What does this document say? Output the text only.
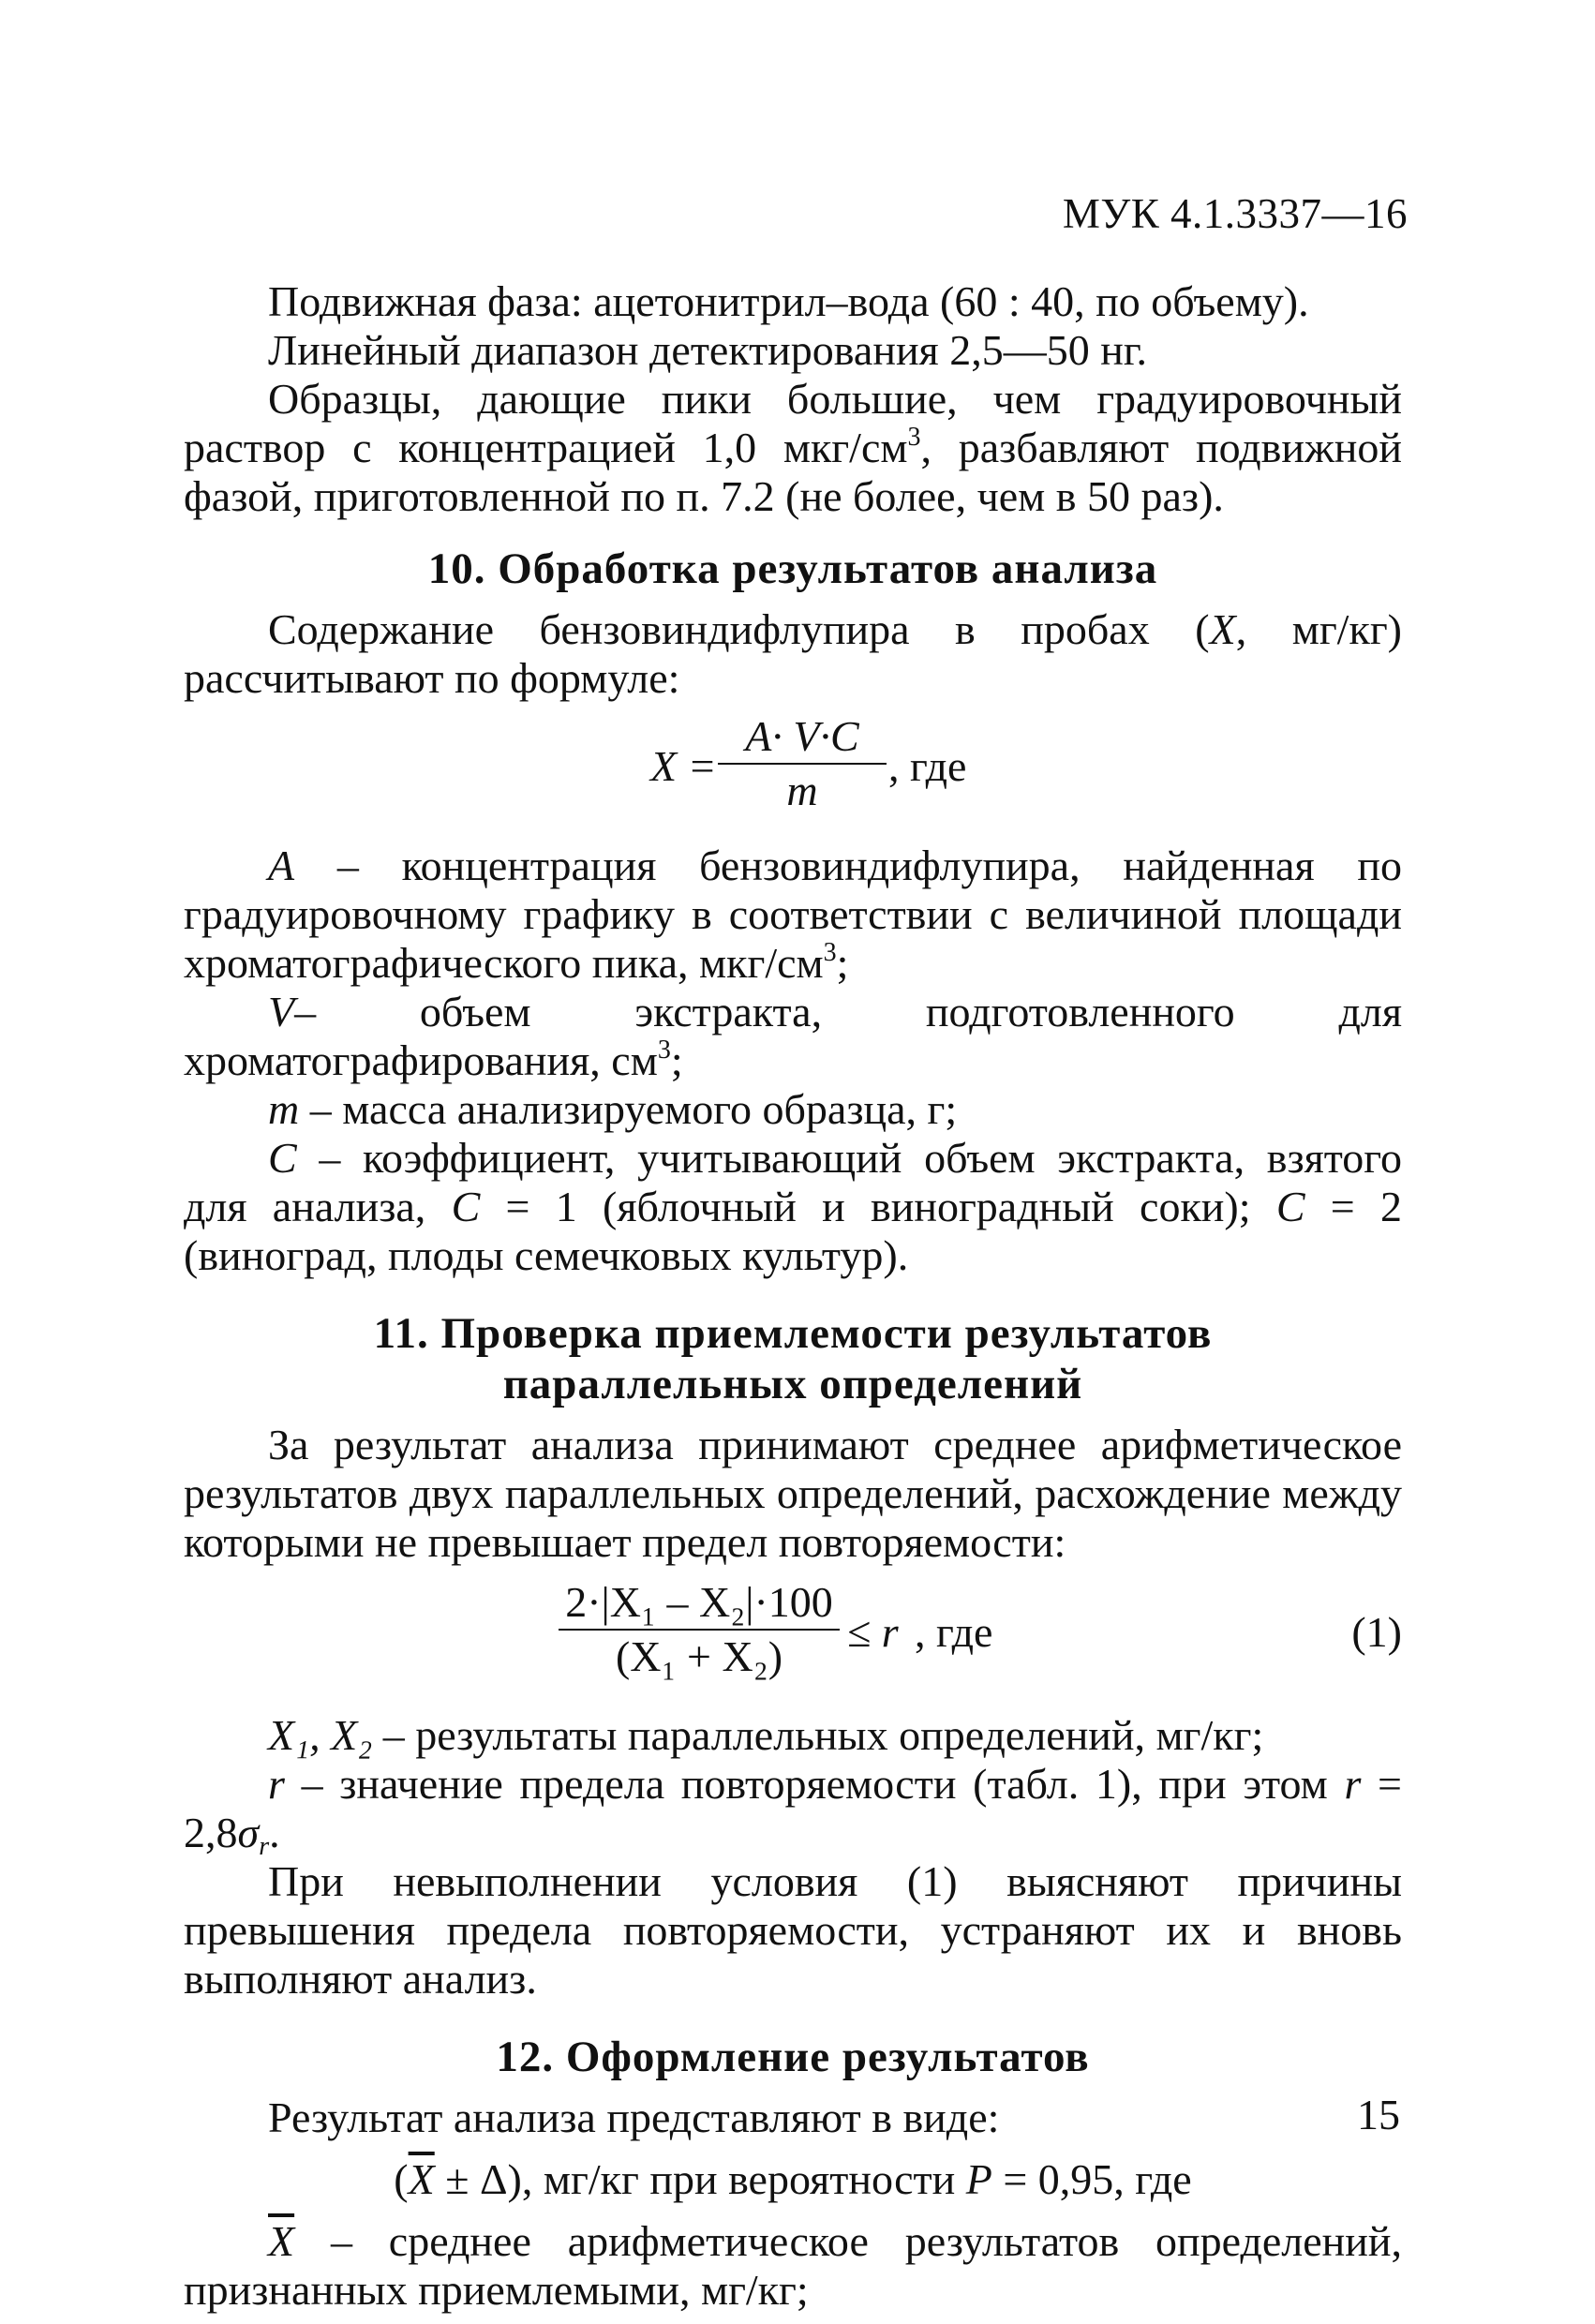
МУК 4.1.3337—16

Подвижная фаза: ацетонитрил–вода (60 : 40, по объему).

Линейный диапазон детектирования 2,5—50 нг.

Образцы, дающие пики большие, чем градуировочный раствор с концентрацией 1,0 мкг/$см^3$, разбавляют подвижной фазой, приготовленной по п. 7.2 (не более, чем в 50 раз).

10. Обработка результатов анализа

Содержание бензовиндифлупира в пробах (X, мг/кг) рассчитывают по формуле:

X =
A· V·C
m
, где

A – концентрация бензовиндифлупира, найденная по градуировочному графику в соответствии с величиной площади хроматографического пика, мкг/$см^3$;

V– объем экстракта, подготовленного для хроматографирования, $см^3$;

m – масса анализируемого образца, г;

C – коэффициент, учитывающий объем экстракта, взятого для анализа, C = 1 (яблочный и виноградный соки); C = 2 (виноград, плоды семечковых культур).

11. Проверка приемлемости результатов
параллельных определений

За результат анализа принимают среднее арифметическое результатов двух параллельных определений, расхождение между которыми не превышает предел повторяемости:

2·|X₁ – X₂|·100
(X₁ + X₂)
≤ r , где	(1)

X₁, X₂ – результаты параллельных определений, мг/кг;

r – значение предела повторяемости (табл. 1), при этом $r = 2,8\sigma_r$.

При невыполнении условия (1) выясняют причины превышения предела повторяемости, устраняют их и вновь выполняют анализ.

12. Оформление результатов

Результат анализа представляют в виде:

$(\overline{X} \pm \Delta)$, мг/кг при вероятности P = 0,95, где

$\overline{X}$ – среднее арифметическое результатов определений, признанных приемлемыми, мг/кг;

15
